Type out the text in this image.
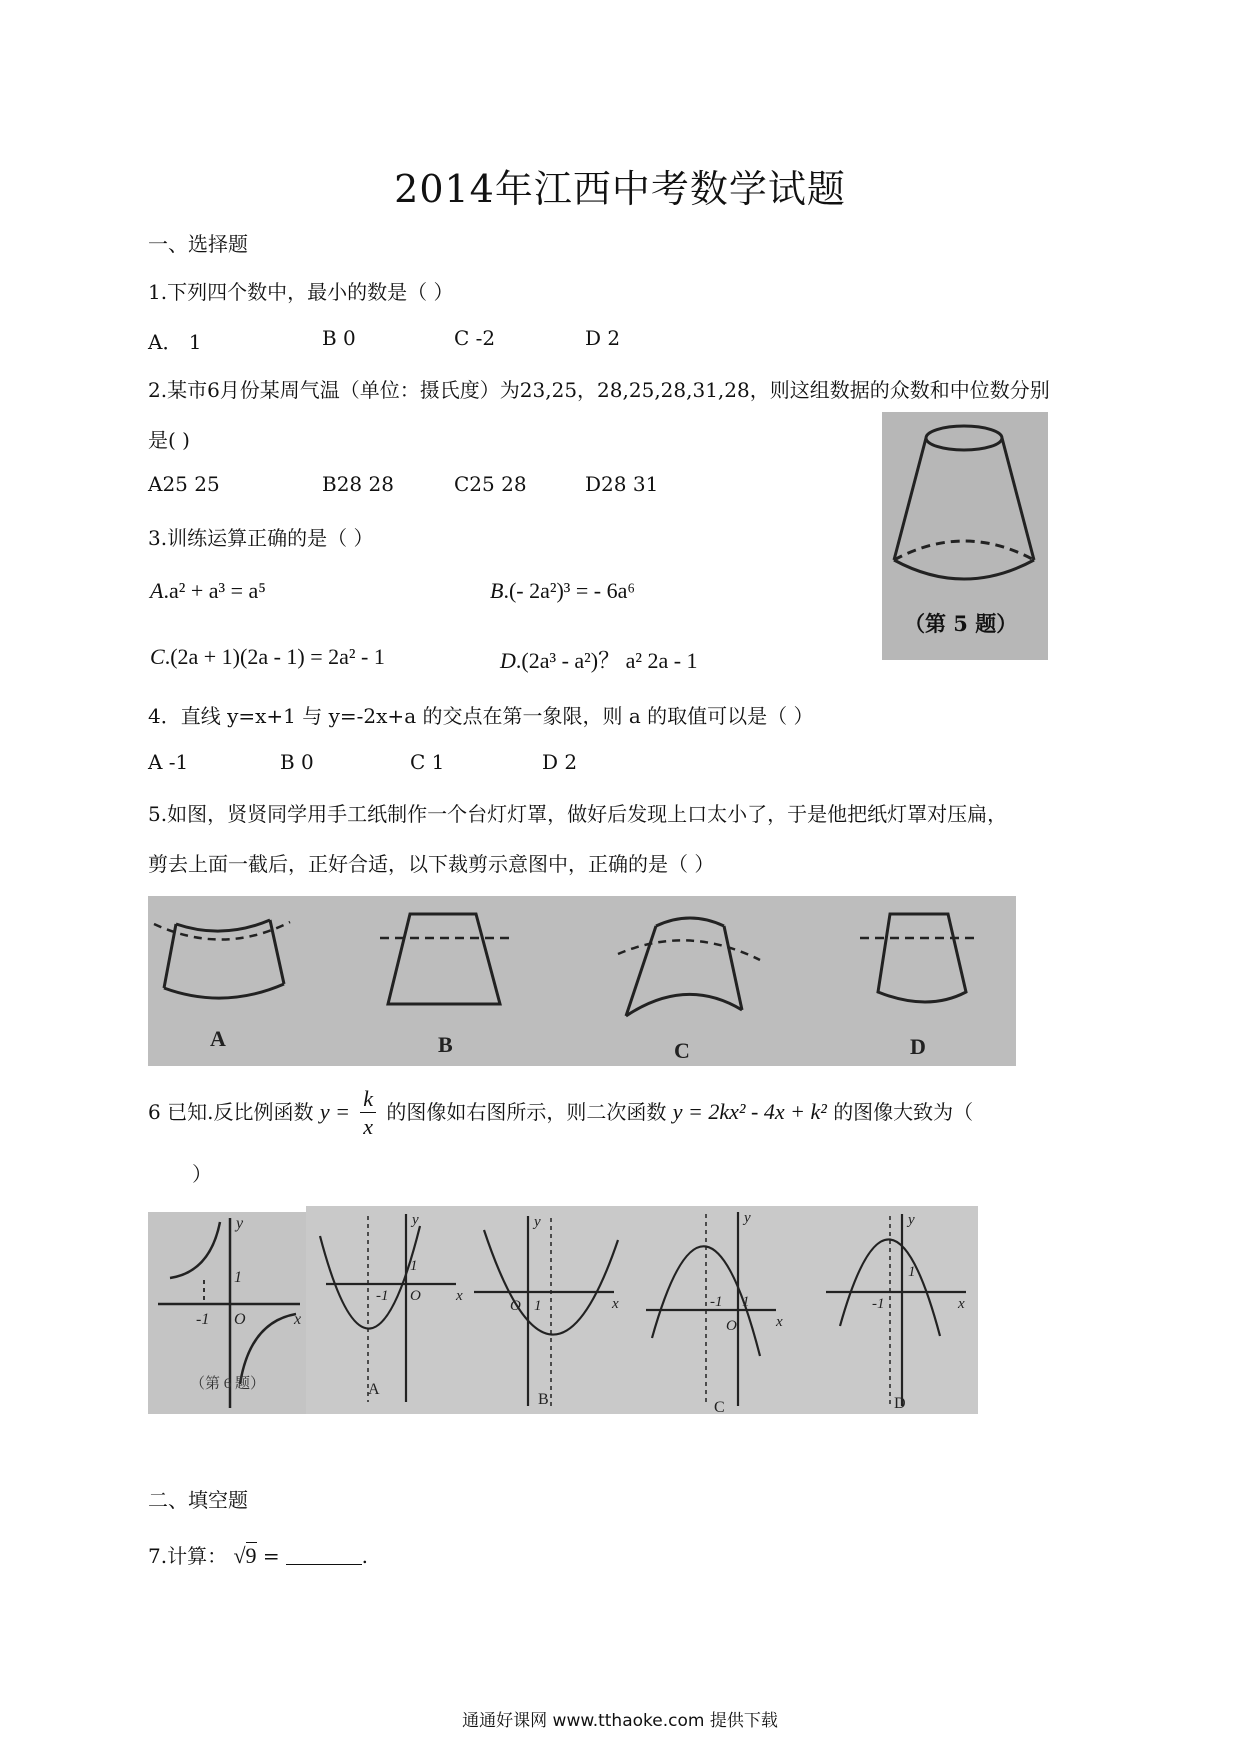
2014年江西中考数学试题
一、选择题
1.下列四个数中，最小的数是（ ）
A． 1	B 0	C -2	D 2
2.某市6月份某周气温（单位：摄氏度）为23,25，28,25,28,31,28，则这组数据的众数和中位数分别
是( )
A25 25	B28 28	C25 28	D28 31
（第 5 题）
3.训练运算正确的是（ ）
A.a² + a³ = a⁵	B.(- 2a²)³ = - 6a⁶
C.(2a + 1)(2a - 1) = 2a² - 1	D.(2a³ - a²)？ a² 2a - 1
4．直线 y=x+1 与 y=-2x+a 的交点在第一象限，则 a 的取值可以是（ ）
A -1	B 0	C 1	D 2
5.如图，贤贤同学用手工纸制作一个台灯灯罩，做好后发现上口太小了，于是他把纸灯罩对压扁，
剪去上面一截后，正好合适，以下裁剪示意图中，正确的是（ ）
A	B	C	D
6 已知.反比例函数 $y = \frac{k}{x}$ 的图像如右图所示，则二次函数 y = 2kx² - 4x + k² 的图像大致为（
）
y
x
O
-1
1
（第 6 题）
y
x
O
-1
1
y
x
O 1
y
x
O
-1 1
y
x
-1
1
A
B	C	D
二、填空题
7.计算： √9 =	.
通通好课网 www.tthaoke.com 提供下载
